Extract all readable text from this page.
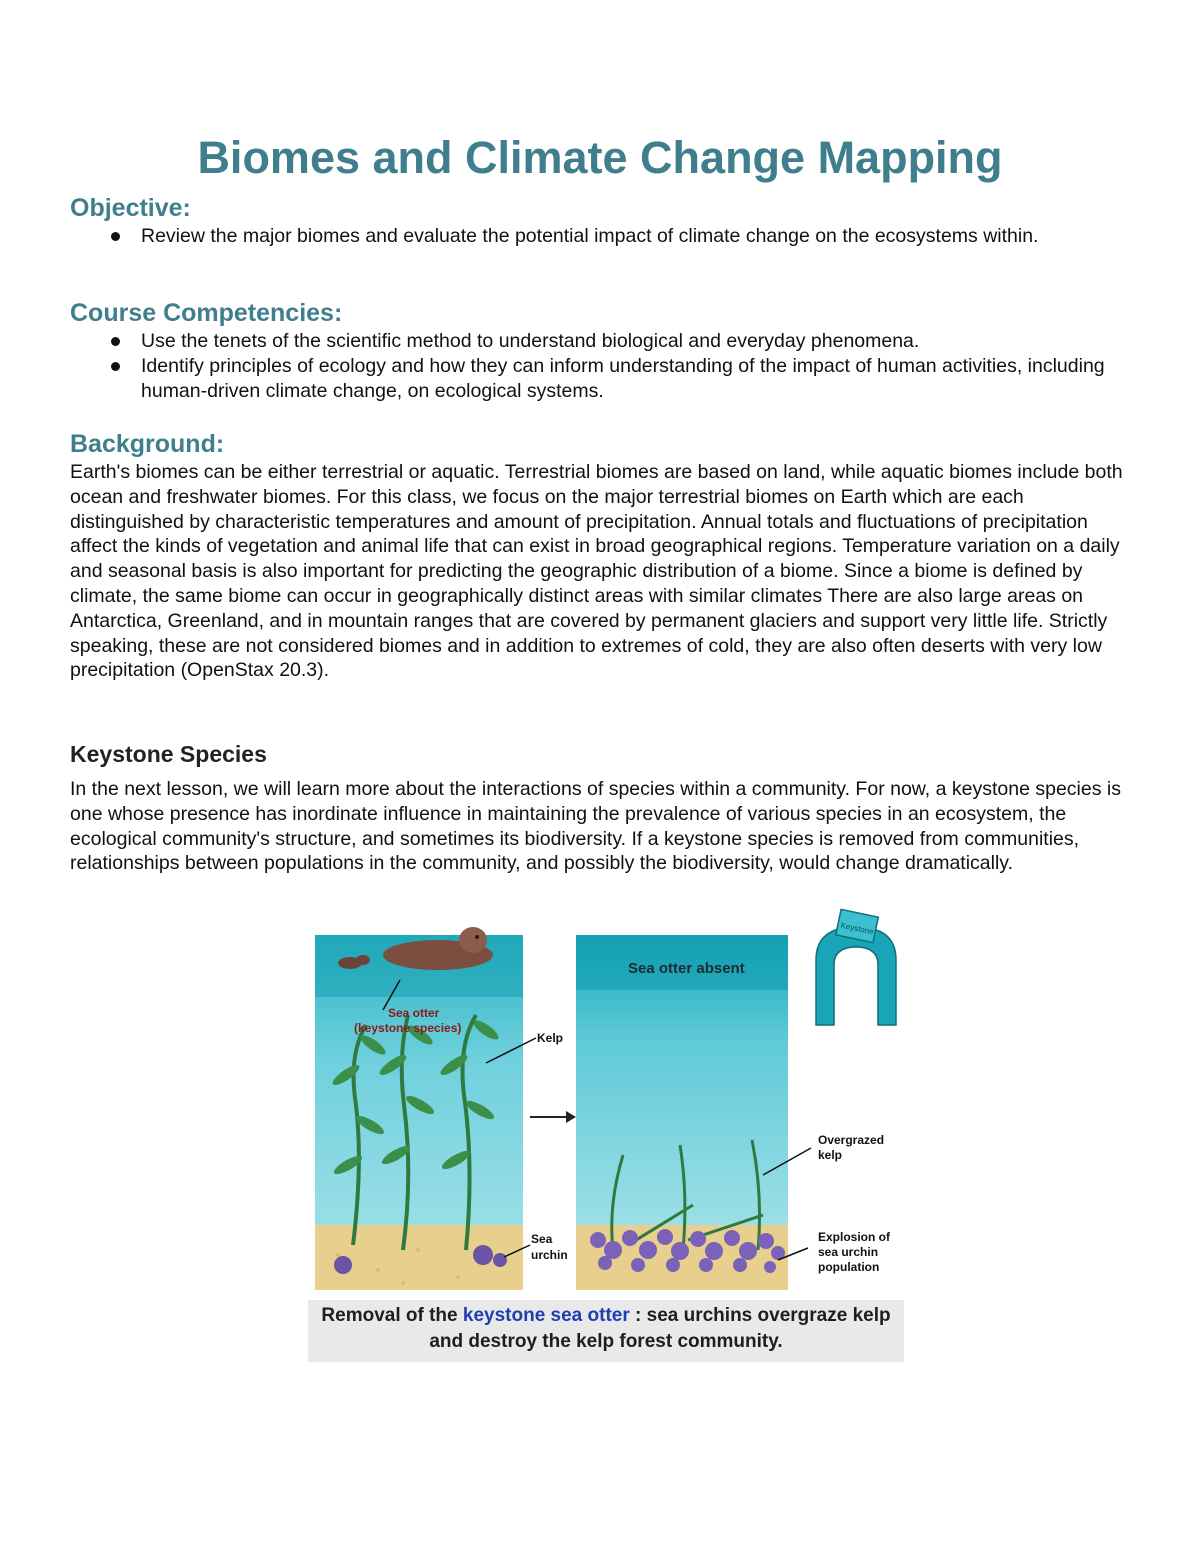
Biomes and Climate Change Mapping
Objective:
Review the major biomes and evaluate the potential impact of climate change on the ecosystems within.
Course Competencies:
Use the tenets of the scientific method to understand biological and everyday phenomena.
Identify principles of ecology and how they can inform understanding of the impact of human activities, including human-driven climate change, on ecological systems.
Background:

Earth's biomes can be either terrestrial or aquatic. Terrestrial biomes are based on land, while aquatic biomes include both ocean and freshwater biomes. For this class, we focus on the major terrestrial biomes on Earth which are each distinguished by characteristic temperatures and amount of precipitation. Annual totals and fluctuations of precipitation affect the kinds of vegetation and animal life that can exist in broad geographical regions. Temperature variation on a daily and seasonal basis is also important for predicting the geographic distribution of a biome. Since a biome is defined by climate, the same biome can occur in geographically distinct areas with similar climates There are also large areas on Antarctica, Greenland, and in mountain ranges that are covered by permanent glaciers and support very little life. Strictly speaking, these are not considered biomes and in addition to extremes of cold, they are also often deserts with very low precipitation (OpenStax 20.3).

Keystone Species

In the next lesson, we will learn more about the interactions of species within a community. For now, a keystone species is one whose presence has inordinate influence in maintaining the prevalence of various species in an ecosystem, the ecological community's structure, and sometimes its biodiversity. If a keystone species is removed from communities, relationships between populations in the community, and possibly the biodiversity, would change dramatically.

Sea otter absent
Keystone
Sea otter
(keystone species)
Kelp
Sea
urchin
Overgrazed
kelp
Explosion of
sea urchin
population
Removal of the keystone sea otter : sea urchins overgraze kelp
and destroy the kelp forest community.
